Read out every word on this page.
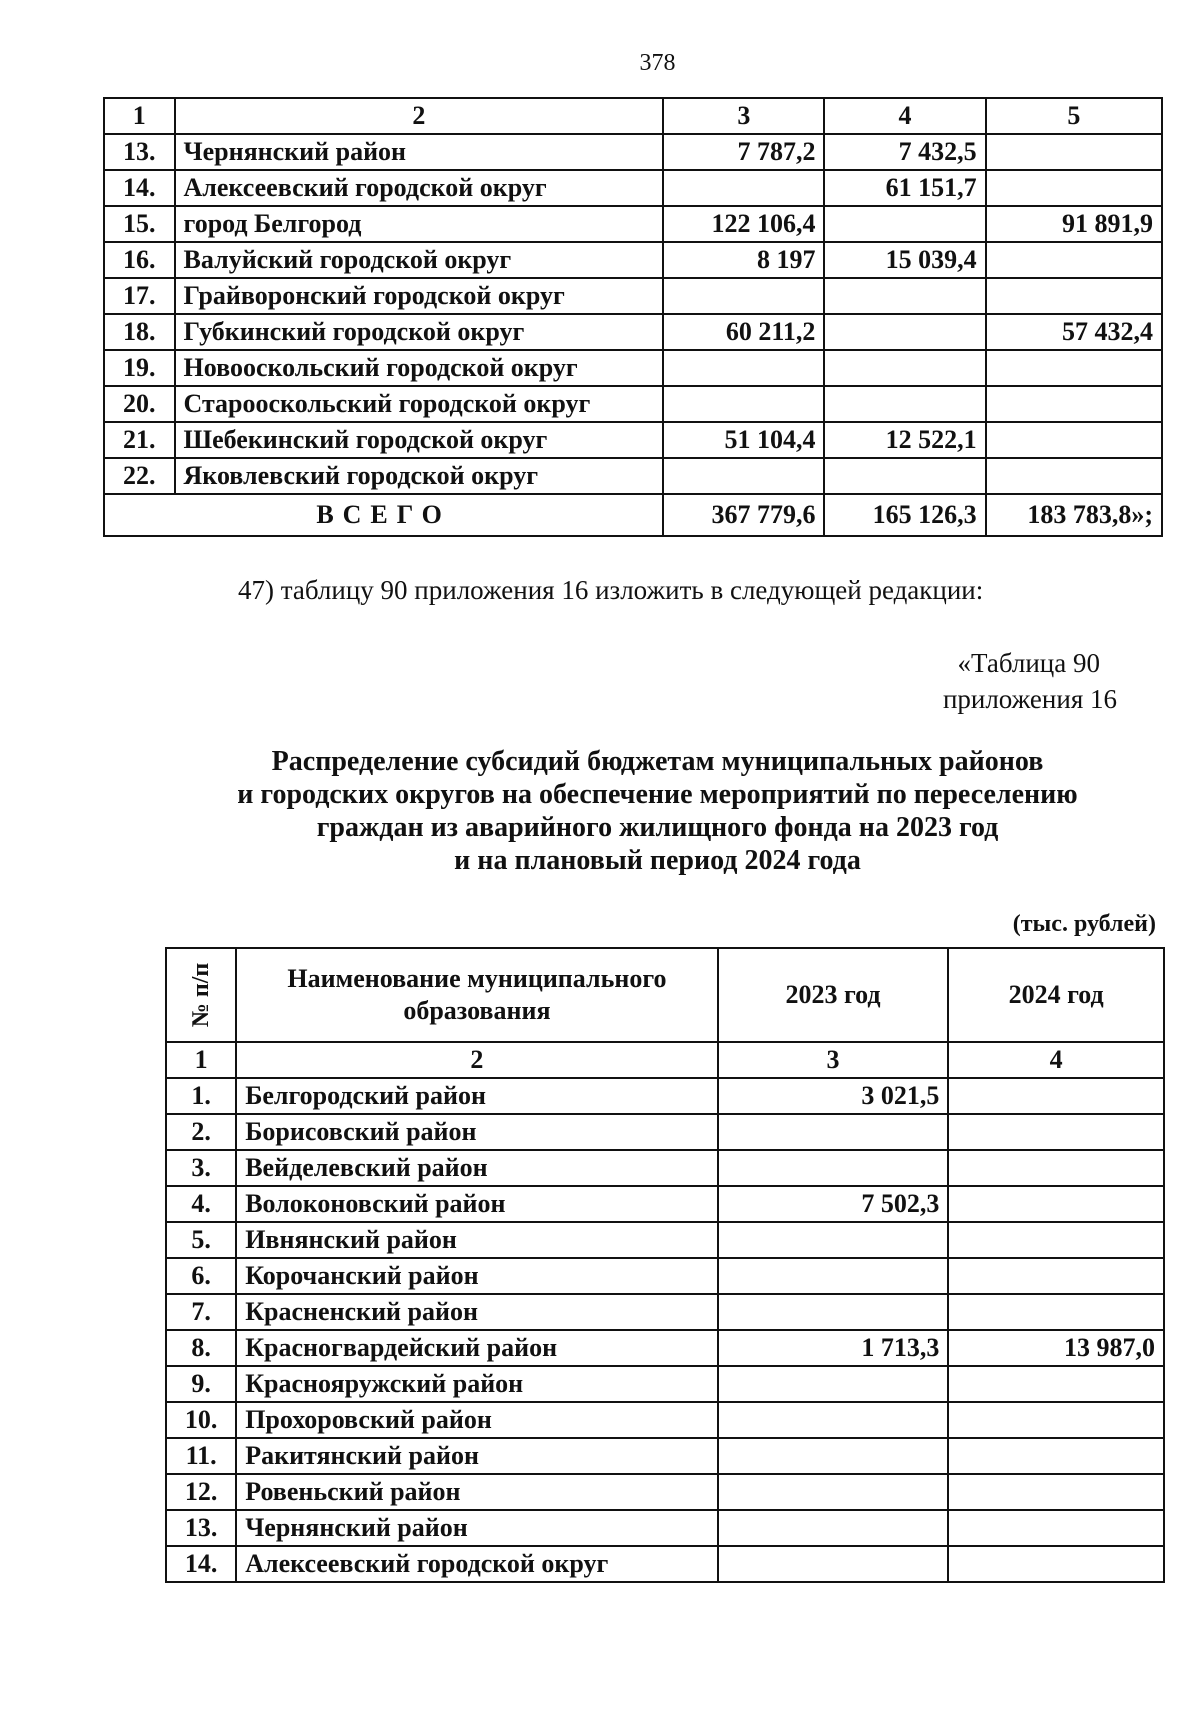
378
1	2	3	4	5
13.	Чернянский район	7 787,2	7 432,5	
14.	Алексеевский городской округ		61 151,7	
15.	город Белгород	122 106,4		91 891,9
16.	Валуйский городской округ	8 197	15 039,4	
17.	Грайворонский городской округ			
18.	Губкинский городской округ	60 211,2		57 432,4
19.	Новооскольский городской округ			
20.	Старооскольский городской округ			
21.	Шебекинский городской округ	51 104,4	12 522,1	
22.	Яковлевский городской округ			
ВСЕГО		367 779,6	165 126,3	183 783,8»;
47) таблицу 90 приложения 16 изложить в следующей редакции:
«Таблица 90
приложения 16
Распределение субсидий бюджетам муниципальных районов
и городских округов на обеспечение мероприятий по переселению
граждан из аварийного жилищного фонда на 2023 год
и на плановый период 2024 года
(тыс. рублей)
№ п/п	Наименование муниципального образования	2023 год	2024 год
1	2	3	4
1.	Белгородский район	3 021,5	
2.	Борисовский район		
3.	Вейделевский район		
4.	Волоконовский район	7 502,3	
5.	Ивнянский район		
6.	Корочанский район		
7.	Красненский район		
8.	Красногвардейский район	1 713,3	13 987,0
9.	Краснояружский район		
10.	Прохоровский район		
11.	Ракитянский район		
12.	Ровеньский район		
13.	Чернянский район		
14.	Алексеевский городской округ		
